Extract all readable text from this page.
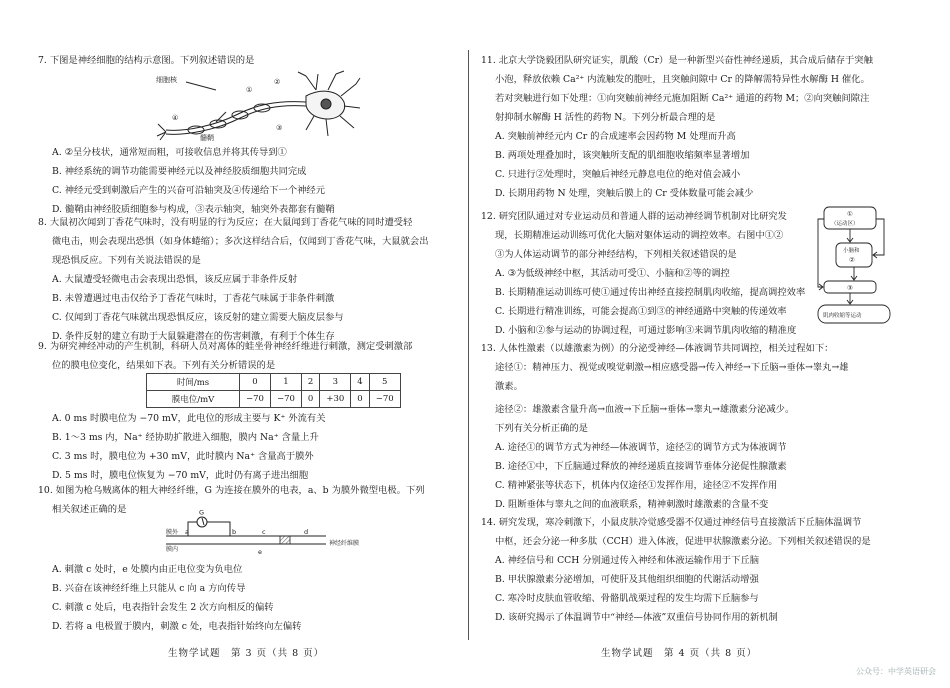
7. 下图是神经细胞的结构示意图。下列叙述错误的是

细胞核
髓鞘
①
②
③
④

A. ②呈分枝状，通常短而粗，可接收信息并将其传导到①

B. 神经系统的调节功能需要神经元以及神经胶质细胞共同完成

C. 神经元受到刺激后产生的兴奋可沿轴突及④传递给下一个神经元

D. 髓鞘由神经胶质细胞参与构成，③表示轴突，轴突外表都套有髓鞘

8. 大鼠初次闻到丁香花气味时，没有明显的行为反应；在大鼠闻到丁香花气味的同时遭受轻

微电击，则会表现出恐惧（如身体蜷缩）；多次这样结合后，仅闻到丁香花气味，大鼠就会出

现恐惧反应。下列有关说法错误的是

A. 大鼠遭受轻微电击会表现出恐惧，该反应属于非条件反射

B. 未曾遭遇过电击仅给予丁香花气味时，丁香花气味属于非条件刺激

C. 仅闻到丁香花气味就出现恐惧反应，该反射的建立需要大脑皮层参与

D. 条件反射的建立有助于大鼠躲避潜在的伤害刺激，有利于个体生存

9. 为研究神经冲动的产生机制，科研人员对离体的蛙坐骨神经纤维进行刺激，测定受刺激部

位的膜电位变化，结果如下表。下列有关分析错误的是

时间/ms	0	1	2	3	4	5
膜电位/mV	−70	−70	0	+30	0	−70

A. 0 ms 时膜电位为 −70 mV，此电位的形成主要与 K⁺ 外流有关

B. 1～3 ms 内，Na⁺ 经协助扩散进入细胞，膜内 Na⁺ 含量上升

C. 3 ms 时，膜电位为 +30 mV，此时膜内 Na⁺ 含量高于膜外

D. 5 ms 时，膜电位恢复为 −70 mV，此时仍有离子进出细胞

10. 如图为枪乌贼离体的粗大神经纤维，G 为连接在膜外的电表，a、b 为膜外微型电极。下列

相关叙述正确的是	G
膜外
膜内
a	b	c	d
e
神经纤维膜

A. 刺激 c 处时，e 处膜内由正电位变为负电位

B. 兴奋在该神经纤维上只能从 c 向 a 方向传导

C. 刺激 c 处后，电表指针会发生 2 次方向相反的偏转

D. 若将 a 电极置于膜内，刺激 c 处，电表指针始终向左偏转

生物学试题　第 3 页（共 8 页）

11. 北京大学饶毅团队研究证实，肌酸（Cr）是一种新型兴奋性神经递质，其合成后储存于突触

小泡，释放依赖 Ca²⁺ 内流触发的胞吐，且突触间隙中 Cr 的降解需特异性水解酶 H 催化。

若对突触进行如下处理：①向突触前神经元施加阻断 Ca²⁺ 通道的药物 M；②向突触间隙注

射抑制水解酶 H 活性的药物 N。下列分析最合理的是

A. 突触前神经元内 Cr 的合成速率会因药物 M 处理而升高

B. 两项处理叠加时，该突触所支配的肌细胞收缩频率显著增加

C. 只进行②处理时，突触后神经元静息电位的绝对值会减小

D. 长期用药物 N 处理，突触后膜上的 Cr 受体数量可能会减少

12. 研究团队通过对专业运动员和普通人群的运动神经调节机制对比研究发

现，长期精准运动训练可优化大脑对躯体运动的调控效率。右图中①②

③为人体运动调节的部分神经结构，下列相关叙述错误的是

A. ③为低级神经中枢，其活动可受①、小脑和②等的调控

B. 长期精准运动训练可使①通过传出神经直接控制肌肉收缩，提高调控效率

C. 长期进行精准训练，可能会提高①到③的神经通路中突触的传递效率

D. 小脑和②参与运动的协调过程，可通过影响③来调节肌肉收缩的精准度

①
（运动区）
小脑和
②
③
肌肉收缩等运动

13. 人体性激素（以雄激素为例）的分泌受神经—体液调节共同调控，相关过程如下：

途径①：精神压力、视觉或嗅觉刺激→相应感受器→传入神经→下丘脑→垂体→睾丸→雄

激素。

途径②：雄激素含量升高→血液→下丘脑→垂体→睾丸→雄激素分泌减少。

下列有关分析正确的是

A. 途径①的调节方式为神经—体液调节，途径②的调节方式为体液调节

B. 途径①中，下丘脑通过释放的神经递质直接调节垂体分泌促性腺激素

C. 精神紧张等状态下，机体内仅途径①发挥作用，途径②不发挥作用

D. 阻断垂体与睾丸之间的血液联系，精神刺激时雄激素的含量不变

14. 研究发现，寒冷刺激下，小鼠皮肤冷觉感受器不仅通过神经信号直接激活下丘脑体温调节

中枢，还会分泌一种多肽（CCH）进入体液，促进甲状腺激素分泌。下列相关叙述错误的是

A. 神经信号和 CCH 分别通过传入神经和体液运输作用于下丘脑

B. 甲状腺激素分泌增加，可使肝及其他组织细胞的代谢活动增强

C. 寒冷时皮肤血管收缩、骨骼肌战栗过程的发生均需下丘脑参与

D. 该研究揭示了体温调节中“神经—体液”双重信号协同作用的新机制

生物学试题　第 4 页（共 8 页）
公众号：中学英语研会
